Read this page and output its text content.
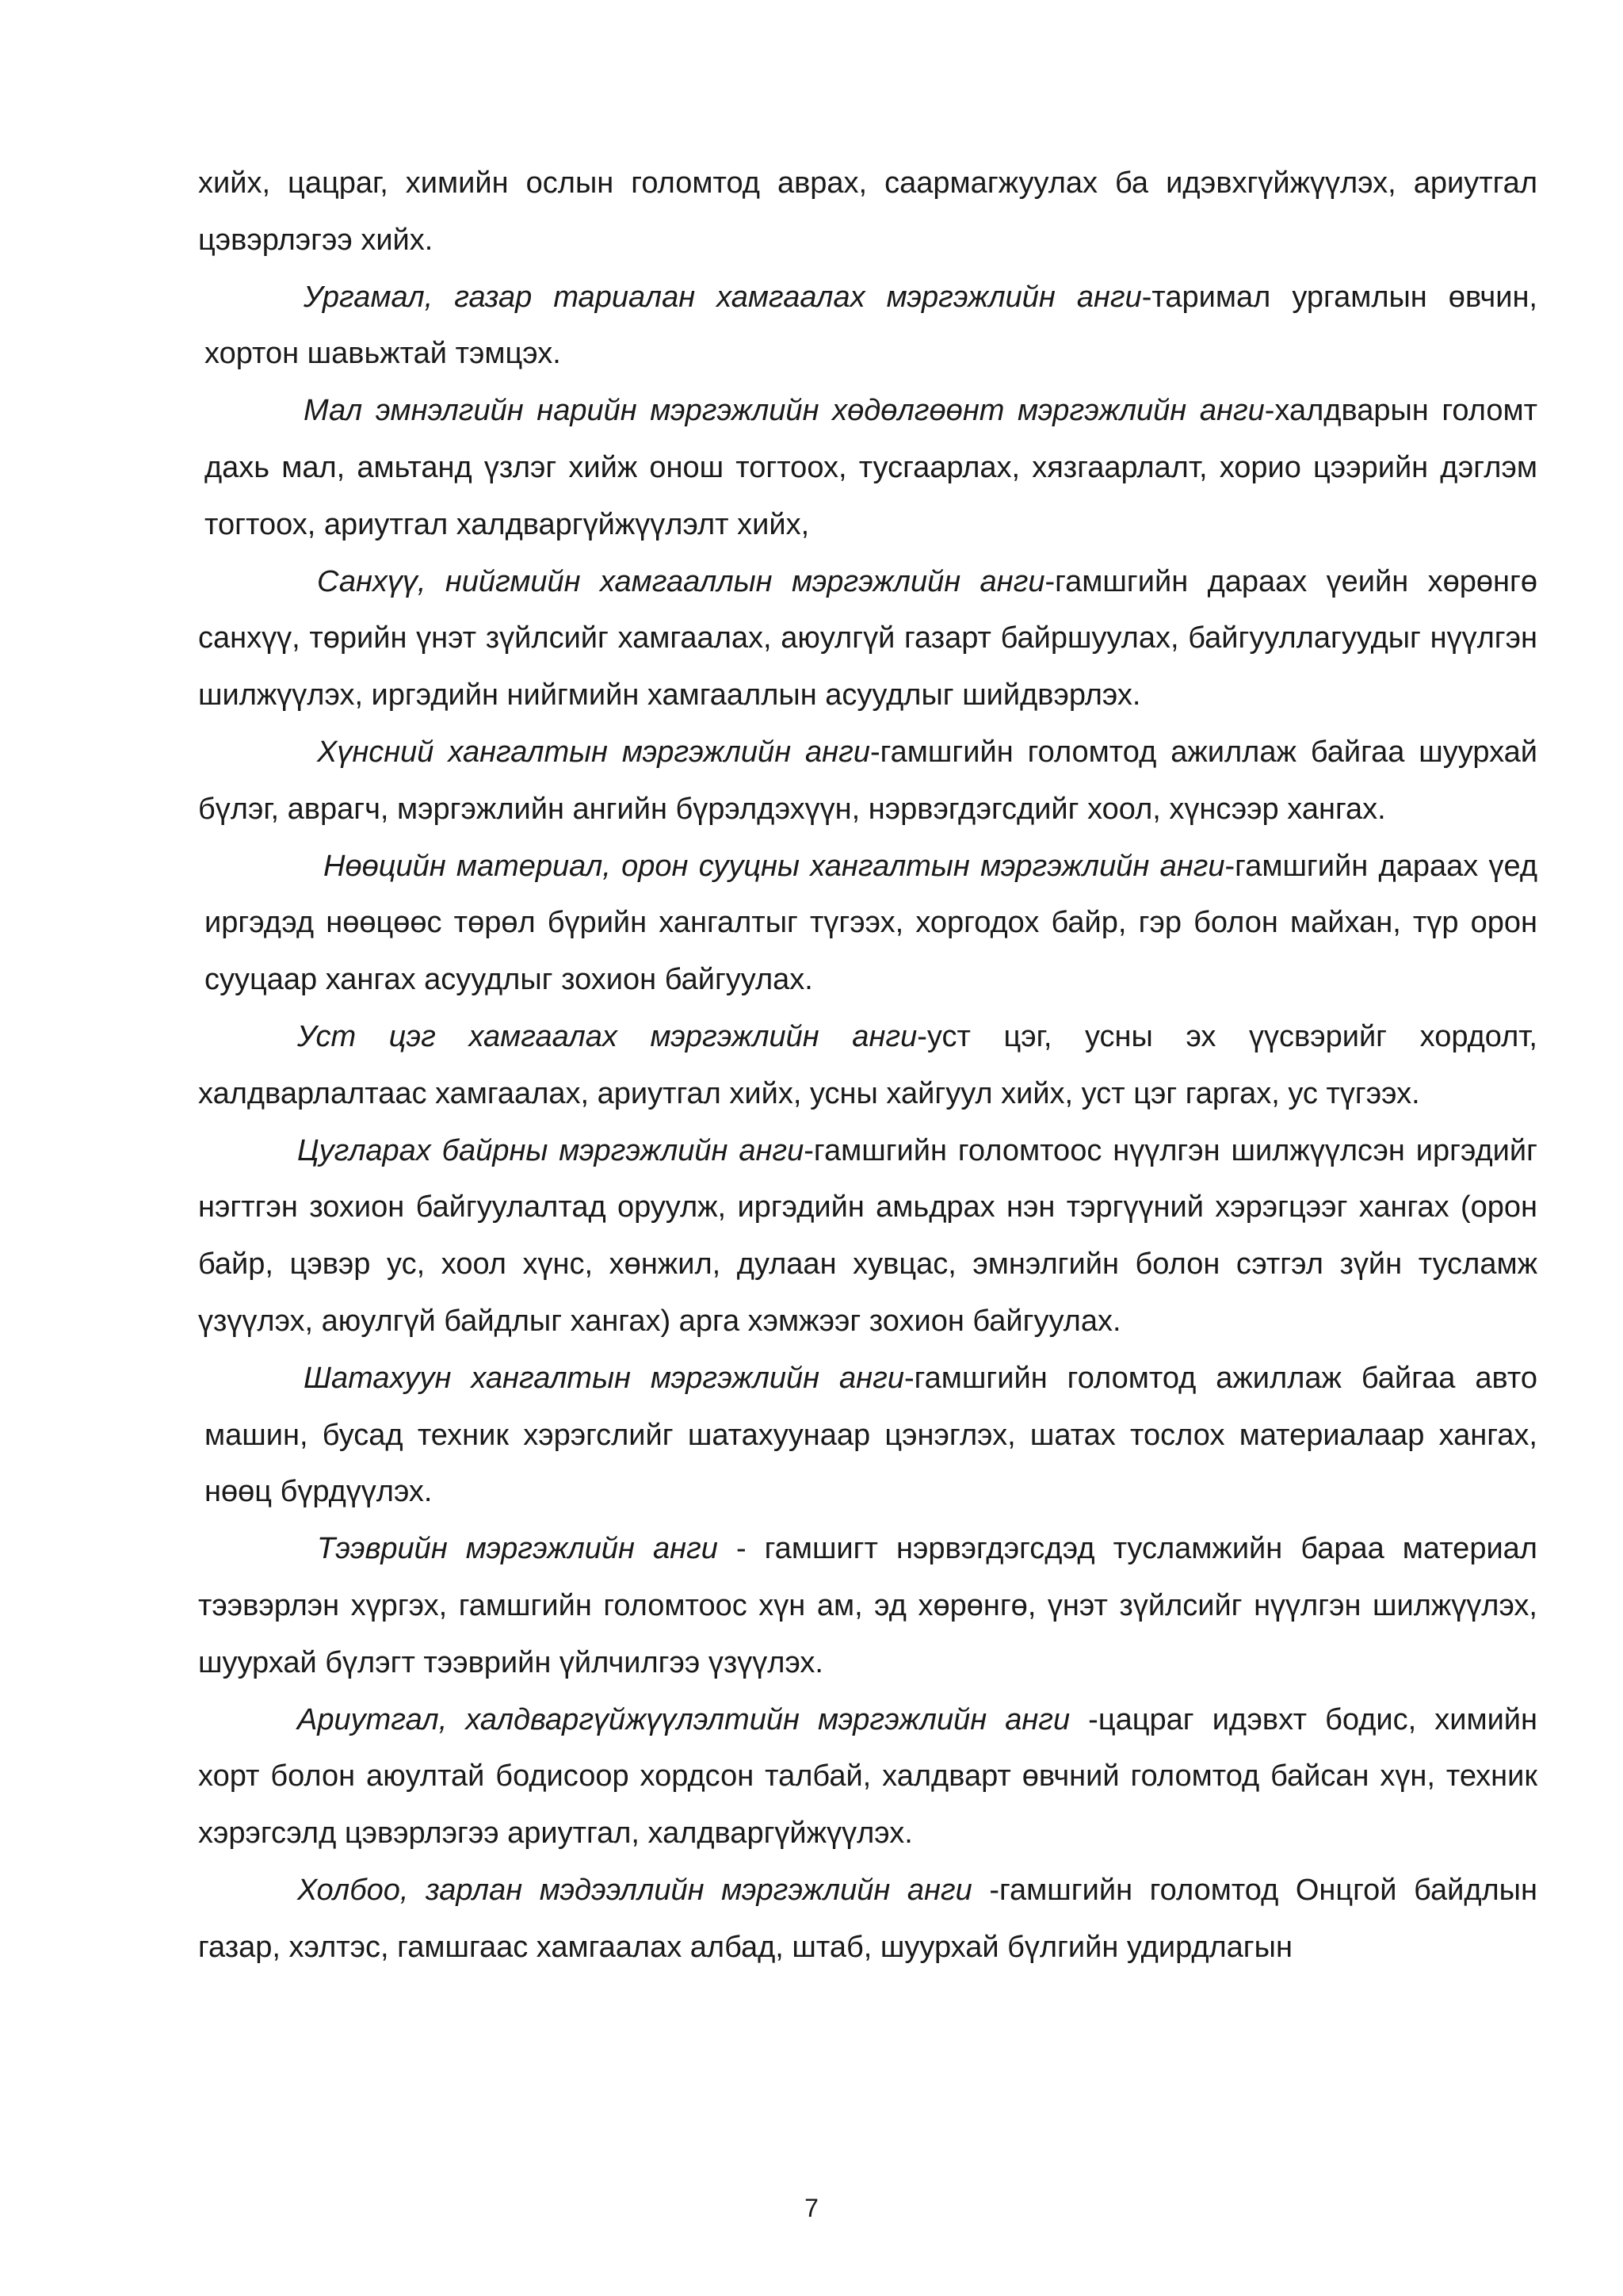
хийх, цацраг, химийн ослын голомтод аврах, саармагжуулах ба идэвхгүйжүүлэх, ариутгал цэвэрлэгээ хийх.

Ургамал, газар тариалан хамгаалах мэргэжлийн анги-таримал ургамлын өвчин, хортон шавьжтай тэмцэх.

Мал эмнэлгийн нарийн мэргэжлийн хөдөлгөөнт мэргэжлийн анги-халдварын голомт дахь мал, амьтанд үзлэг хийж онош тогтоох, тусгаарлах, хязгаарлалт, хорио цээрийн дэглэм тогтоох, ариутгал халдваргүйжүүлэлт хийх,

Санхүү, нийгмийн хамгааллын мэргэжлийн анги-гамшгийн дараах үеийн хөрөнгө санхүү, төрийн үнэт зүйлсийг хамгаалах, аюулгүй газарт байршуулах, байгууллагуудыг нүүлгэн шилжүүлэх, иргэдийн нийгмийн хамгааллын асуудлыг шийдвэрлэх.

Хүнсний хангалтын мэргэжлийн анги-гамшгийн голомтод ажиллаж байгаа шуурхай бүлэг, аврагч, мэргэжлийн ангийн бүрэлдэхүүн, нэрвэгдэгсдийг хоол, хүнсээр хангах.

Нөөцийн материал, орон сууцны хангалтын мэргэжлийн анги-гамшгийн дараах үед иргэдэд нөөцөөс төрөл бүрийн хангалтыг түгээх, хоргодох байр, гэр болон майхан, түр орон сууцаар хангах асуудлыг зохион байгуулах.

Уст цэг хамгаалах мэргэжлийн анги-уст цэг, усны эх үүсвэрийг хордолт, халдварлалтаас хамгаалах, ариутгал хийх, усны хайгуул хийх, уст цэг гаргах, ус түгээх.

Цугларах байрны мэргэжлийн анги-гамшгийн голомтоос нүүлгэн шилжүүлсэн иргэдийг нэгтгэн зохион байгуулалтад оруулж, иргэдийн амьдрах нэн тэргүүний хэрэгцээг хангах (орон байр, цэвэр ус, хоол хүнс, хөнжил, дулаан хувцас, эмнэлгийн болон сэтгэл зүйн тусламж үзүүлэх, аюулгүй байдлыг хангах) арга хэмжээг зохион байгуулах.

Шатахуун хангалтын мэргэжлийн анги-гамшгийн голомтод ажиллаж байгаа авто машин, бусад техник хэрэгслийг шатахуунаар цэнэглэх, шатах тослох материалаар хангах, нөөц бүрдүүлэх.

Тээврийн мэргэжлийн анги - гамшигт нэрвэгдэгсдэд тусламжийн бараа материал тээвэрлэн хүргэх, гамшгийн голомтоос хүн ам, эд хөрөнгө, үнэт зүйлсийг нүүлгэн шилжүүлэх, шуурхай бүлэгт тээврийн үйлчилгээ үзүүлэх.

Ариутгал, халдваргүйжүүлэлтийн мэргэжлийн анги -цацраг идэвхт бодис, химийн хорт болон аюултай бодисоор хордсон талбай, халдварт өвчний голомтод байсан хүн, техник хэрэгсэлд цэвэрлэгээ ариутгал, халдваргүйжүүлэх.

Холбоо, зарлан мэдээллийн мэргэжлийн анги -гамшгийн голомтод Онцгой байдлын газар, хэлтэс, гамшгаас хамгаалах албад, штаб, шуурхай бүлгийн удирдлагын

7
